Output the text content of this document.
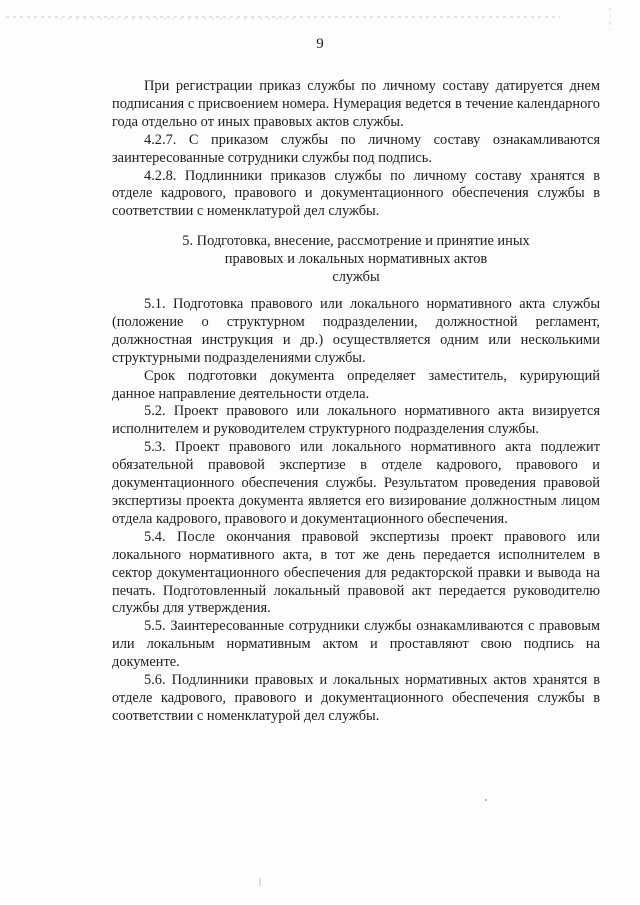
9

При регистрации приказ службы по личному составу датируется днем подписания с присвоением номера. Нумерация ведется в течение календарного года отдельно от иных правовых актов службы.

4.2.7. С приказом службы по личному составу ознакамливаются заинтересованные сотрудники службы под подпись.

4.2.8. Подлинники приказов службы по личному составу хранятся в отделе кадрового, правового и документационного обеспечения службы в соответствии с номенклатурой дел службы.

5. Подготовка, внесение, рассмотрение и принятие иных
правовых и локальных нормативных актов
службы

5.1. Подготовка правового или локального нормативного акта службы (положение о структурном подразделении, должностной регламент, должностная инструкция и др.) осуществляется одним или несколькими структурными подразделениями службы.

Срок подготовки документа определяет заместитель, курирующий данное направление деятельности отдела.

5.2. Проект правового или локального нормативного акта визируется исполнителем и руководителем структурного подразделения службы.

5.3. Проект правового или локального нормативного акта подлежит обязательной правовой экспертизе в отделе кадрового, правового и документационного обеспечения службы. Результатом проведения правовой экспертизы проекта документа является его визирование должностным лицом отдела кадрового, правового и документационного обеспечения.

5.4. После окончания правовой экспертизы проект правового или локального нормативного акта, в тот же день передается исполнителем в сектор документационного обеспечения для редакторской правки и вывода на печать. Подготовленный локальный правовой акт передается руководителю службы для утверждения.

5.5. Заинтересованные сотрудники службы ознакамливаются с правовым или локальным нормативным актом и проставляют свою подпись на документе.

5.6. Подлинники правовых и локальных нормативных актов хранятся в отделе кадрового, правового и документационного обеспечения службы в соответствии с номенклатурой дел службы.
